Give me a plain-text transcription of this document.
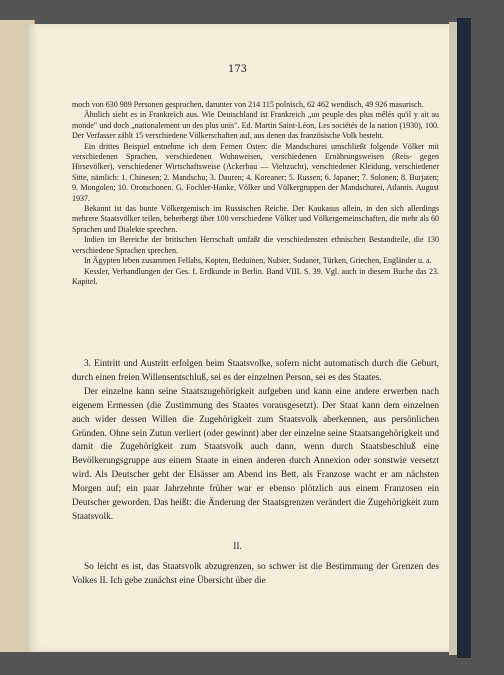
173

moch von 630 989 Personen gesprochen, darunter von 214 115 polnisch, 62 462 wendisch, 49 926 masurisch.

Ähnlich sieht es in Frankreich aus. Wie Deutschland ist Frankreich „un peuple des plus mêlés qu'il y ait au monde" und doch „nationalement un des plus unis". Ed. Martin Saint-Léon, Les sociétés de la nation (1930), 100. Der Verfasser zählt 15 verschiedene Völkerschaften auf, aus denen das französische Volk besteht.

Ein drittes Beispiel entnehme ich dem Fernen Osten: die Mandschurei umschließt folgende Völker mit verschiedenen Sprachen, verschiedenen Wohnweisen, verschiedenen Ernährungsweisen (Reis- gegen Hirsevölker), verschiedener Wirtschaftsweise (Ackerbau — Viehzucht), verschiedener Kleidung, verschiedener Sitte, nämlich: 1. Chinesen; 2. Mandschu; 3. Dauren; 4. Koreaner; 5. Russen; 6. Japaner; 7. Solonen; 8. Burjaten; 9. Mongolen; 10. Orotschonen. G. Fochler-Hanke, Völker und Völkergruppen der Mandschurei, Atlantis. August 1937.

Bekannt ist das bunte Völkergemisch im Russischen Reiche. Der Kaukasus allein, in den sich allerdings mehrere Staatsvölker teilen, beherbergt über 100 verschiedene Völker und Völkergemeinschaften, die mehr als 60 Sprachen und Dialekte sprechen.

Indien im Bereiche der britischen Herrschaft umfaßt die verschiedensten ethnischen Bestandteile, die 130 verschiedene Sprachen sprechen.

In Ägypten leben zusammen Fellahs, Kopten, Beduinen, Nubier, Sudaner, Türken, Griechen, Engländer u. a.

Kessler, Verhandlungen der Ges. f. Erdkunde in Berlin. Band VIII. S. 39. Vgl. auch in diesem Buche das 23. Kapitel.

3. Eintritt und Austritt erfolgen beim Staatsvolke, sofern nicht automatisch durch die Geburt, durch einen freien Willensentschluß, sei es der einzelnen Person, sei es des Staates.

Der einzelne kann seine Staatszugehörigkeit aufgeben und kann eine andere erwerben nach eigenem Ermessen (die Zustimmung des Staates vorausgesetzt). Der Staat kann dem einzelnen auch wider dessen Willen die Zugehörigkeit zum Staatsvolk aberkennen, aus persönlichen Gründen. Ohne sein Zutun verliert (oder gewinnt) aber der einzelne seine Staatsangehörigkeit und damit die Zugehörigkeit zum Staatsvolk auch dann, wenn durch Staatsbeschluß eine Bevölkerungsgruppe aus einem Staate in einen anderen durch Annexion oder sonstwie versetzt wird. Als Deutscher geht der Elsässer am Abend ins Bett, als Franzose wacht er am nächsten Morgen auf; ein paar Jahrzehnte früher war er ebenso plötzlich aus einem Franzosen ein Deutscher geworden. Das heißt: die Änderung der Staatsgrenzen verändert die Zugehörigkeit zum Staatsvolk.

II.

So leicht es ist, das Staatsvolk abzugrenzen, so schwer ist die Bestimmung der Grenzen des Volkes II. Ich gebe zunächst eine Übersicht über die
